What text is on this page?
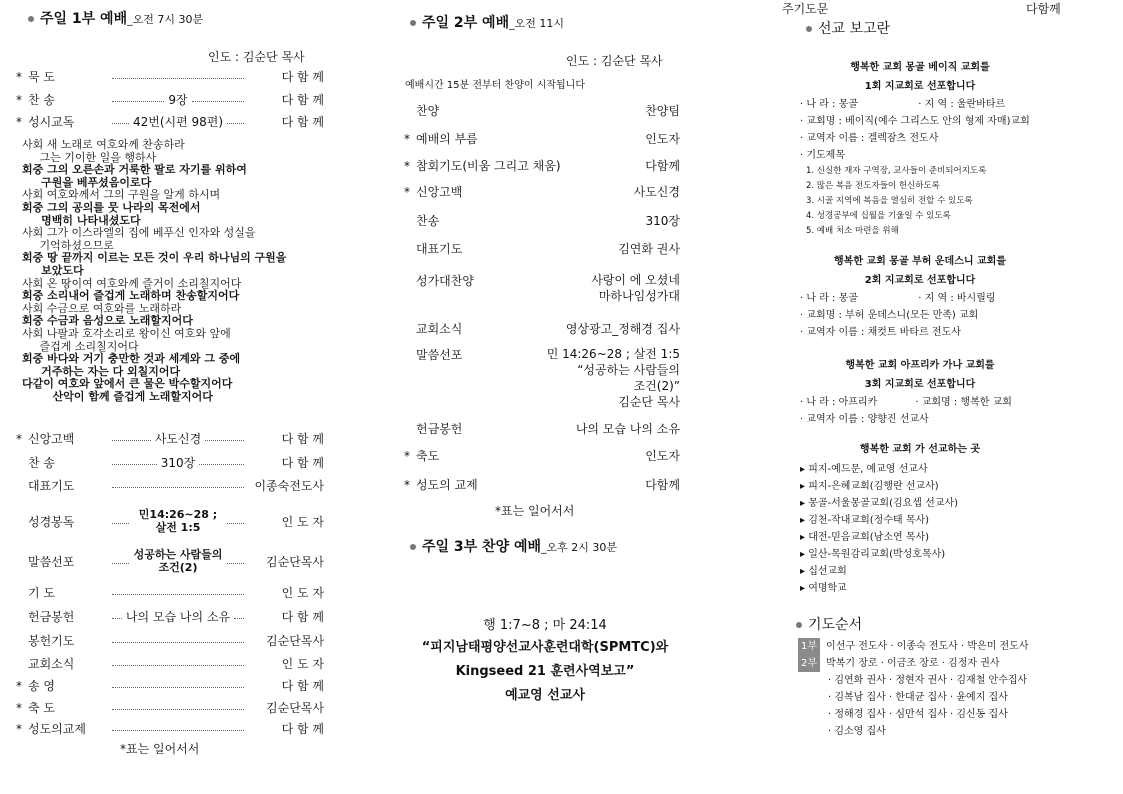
주일 1부 예배_오전 7시 30분
인도 : 김순단 목사
* 묵 도	다 함 께
* 찬 송	9장	다 함 께
* 성시교독	42번(시편 98편)	다 함 께
사회 새 노래로 여호와께 찬송하라
그는 기이한 일을 행하사
회중 그의 오른손과 거룩한 팔로 자기를 위하여
구원을 베푸셨음이로다
사회 여호와께서 그의 구원을 알게 하시며
회중 그의 공의를 뭇 나라의 목전에서
명백히 나타내셨도다
사회 그가 이스라엘의 집에 베푸신 인자와 성실을
기억하셨으므로
회중 땅 끝까지 이르는 모든 것이 우리 하나님의 구원을
보았도다
사회 온 땅이여 여호와께 즐거이 소리칠지어다
회중 소리내어 즐겁게 노래하며 찬송할지어다
사회 수금으로 여호와를 노래하라
회중 수금과 음성으로 노래할지어다
사회 나팔과 호각소리로 왕이신 여호와 앞에
즐겁게 소리칠지어다
회중 바다와 거기 충만한 것과 세계와 그 중에
거주하는 자는 다 외칠지어다
다같이 여호와 앞에서 큰 물은 박수할지어다
산악이 함께 즐겁게 노래할지어다
* 신앙고백	사도신경	다 함 께
찬 송	310장	다 함 께
대표기도	이종숙전도사
성경봉독	민14:26~28 ; 살전 1:5	인 도 자
말씀선포	성공하는 사람들의 조건(2)	김순단목사
기 도	인 도 자
헌금봉헌	나의 모습 나의 소유	다 함 께
봉헌기도	김순단목사
교회소식	인 도 자
* 송 영	다 함 께
* 축 도	김순단목사
* 성도의교제	다 함 께
*표는 일어서서
주일 2부 예배_오전 11시
인도 : 김순단 목사
예배시간 15분 전부터 찬양이 시작됩니다
찬양	찬양팀
* 예배의 부름	인도자
* 참회기도(비움 그리고 채움)	다함께
* 신앙고백	사도신경
찬송	310장
대표기도	김연화 권사
성가대찬양	사랑이 에 오셨네
마하나임성가대
교회소식	영상광고_정해경 집사
말씀선포	민 14:26~28 ; 살전 1:5
“성공하는 사람들의
조건(2)”
김순단 목사
헌금봉헌	나의 모습 나의 소유
* 축도	인도자
* 성도의 교제	다함께
*표는 일어서서
주일 3부 찬양 예배_오후 2시 30분
행 1:7~8 ; 마 24:14
“피지남태평양선교사훈련대학(SPMTC)와
Kingseed 21 훈련사역보고”
예교영 선교사
주기도문	다함께
선교 보고란
행복한 교회 몽골 베이직 교회를
1회 지교회로 선포합니다
· 나 라 : 몽골                   · 지 역 : 울란바타르
· 교회명 : 베이직(예수 그리스도 안의 형제 자매)교회
· 교역자 이름 : 겔렉잠츠 전도사
· 기도제목
1. 신실한 재자 구역장, 교사들이 준비되어지도록
2. 많은 복음 전도자들이 헌신하도록
3. 시골 지역에 복음을 열심히 전할 수 있도록
4. 성경공부에 십월을 기울일 수 있도록
5. 예배 처소 마련을 위해
행복한 교회 몽골 부허 운데스니 교회를
2회 지교회로 선포합니다
· 나 라 : 몽골                   · 지 역 : 바시릴링
· 교회명 : 부허 운데스니(모든 만족) 교회
· 교역자 이름 : 채컷트 바타르 전도사
행복한 교회 아프리카 가나 교회를
3회 지교회로 선포합니다
· 나 라 : 아프리카            · 교회명 : 행복한 교회
· 교역자 이름 : 양향진 선교사
행복한 교회 가 선교하는 곳
▸ 피지-예드문, 예교영 선교사
▸ 피지-은혜교회(김행란 선교사)
▸ 몽골-서울몽골교회(김요셉 선교사)
▸ 김천-작내교회(정수태 목사)
▸ 대전-믿음교회(남소연 목사)
▸ 일산-목원감리교회(박성호목사)
▸ 십선교회
▸ 여명학교
기도순서
1부 이선구 전도사 · 이종숙 전도사 · 박은미 전도사
2부 박복기 장로 · 이금조 장로 · 김정자 권사
· 김연화 권사 · 정현자 권사 · 김재철 안수집사
· 김복남 집사 · 한대균 집사 · 윤예지 집사
· 정해경 집사 · 심만석 집사 · 김신동 집사
· 김소영 집사
